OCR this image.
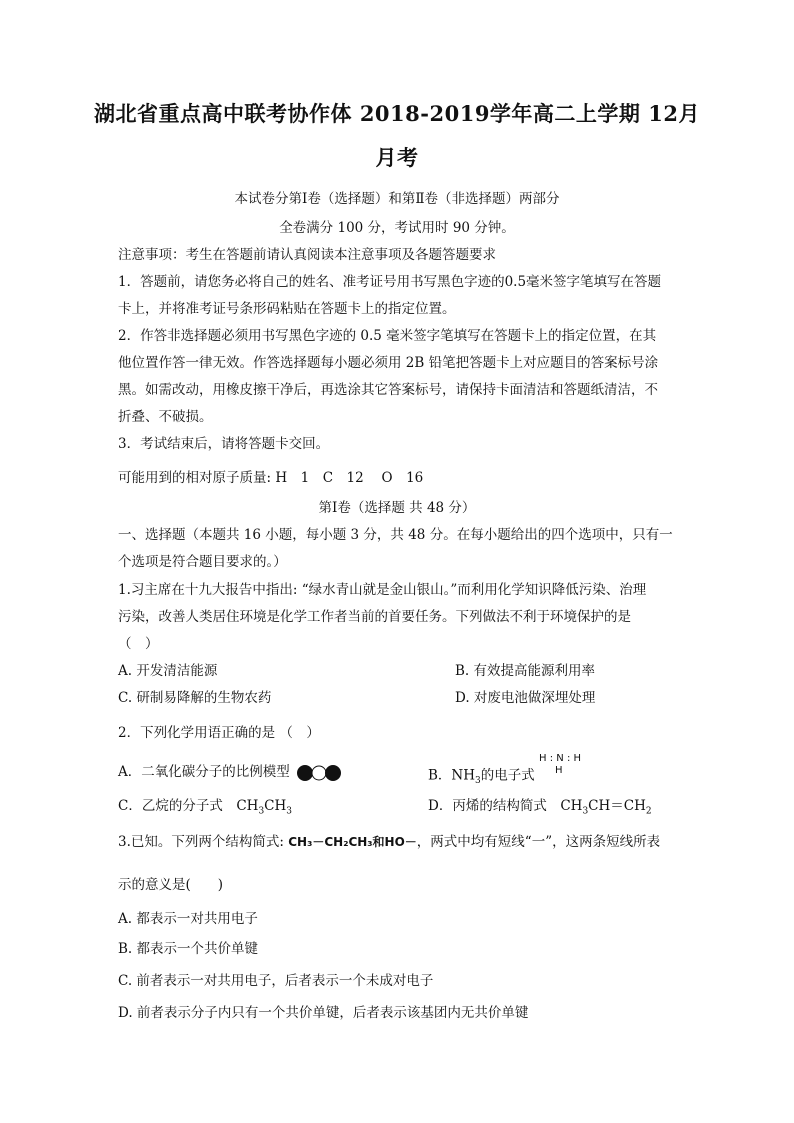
湖北省重点高中联考协作体 2018-2019学年高二上学期 12月
月考
本试卷分第Ⅰ卷（选择题）和第Ⅱ卷（非选择题）两部分
全卷满分 100 分，考试用时 90 分钟。
注意事项：考生在答题前请认真阅读本注意事项及各题答题要求
1．答题前，请您务必将自己的姓名、准考证号用书写黑色字迹的0.5毫米签字笔填写在答题
卡上，并将准考证号条形码粘贴在答题卡上的指定位置。
2．作答非选择题必须用书写黑色字迹的 0.5 毫米签字笔填写在答题卡上的指定位置，在其
他位置作答一律无效。作答选择题每小题必须用 2B 铅笔把答题卡上对应题目的答案标号涂
黑。如需改动，用橡皮擦干净后，再选涂其它答案标号，请保持卡面清洁和答题纸清洁，不
折叠、不破损。
3．考试结束后，请将答题卡交回。
可能用到的相对原子质量: H　1　C　12　 O　16
第Ⅰ卷（选择题 共 48 分）
一、选择题（本题共 16 小题，每小题 3 分，共 48 分。在每小题给出的四个选项中，只有一
个选项是符合题目要求的。）
1.习主席在十九大报告中指出: “绿水青山就是金山银山。”而利用化学知识降低污染、治理
污染，改善人类居住环境是化学工作者当前的首要任务。下列做法不利于环境保护的是
（　）
A. 开发清洁能源	B. 有效提高能源利用率
C. 研制易降解的生物农药	D. 对废电池做深埋处理
2．下列化学用语正确的是 （　）
A．二氧化碳分子的比例模型	B．$NH_3$的电子式
H : N : H
H
C．乙烷的分子式　$CH_3CH_3$	D．丙烯的结构简式　$CH_3CH=CH_2$
3.已知。下列两个结构简式: CH₃－CH₂CH₃和HO－，两式中均有短线“一”，这两条短线所表
示的意义是(　　)
A. 都表示一对共用电子
B. 都表示一个共价单键
C. 前者表示一对共用电子，后者表示一个未成对电子
D. 前者表示分子内只有一个共价单键，后者表示该基团内无共价单键
